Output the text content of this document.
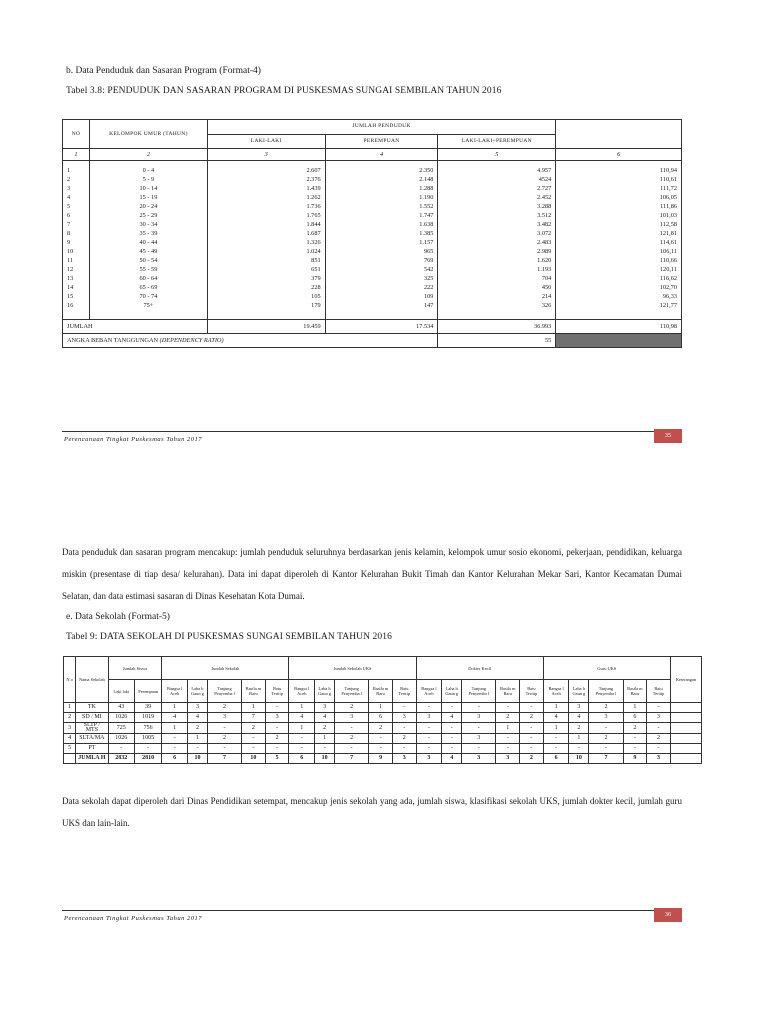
b. Data Penduduk dan Sasaran Program (Format-4)
Tabel 3.8: PENDUDUK DAN SASARAN PROGRAM DI PUSKESMAS SUNGAI SEMBILAN TAHUN 2016
NO	KELOMPOK UMUR (TAHUN)	JUMLAH PENDUDUK			
		LAKI-LAKI	PEREMPUAN	LAKI-LAKI+PEREMPUAN	
1	2	3	4	5	6
1	0 - 4	2.607	2.350	4.957	110,94
2	5 - 9	2.376	2.148	4524	110,61
3	10 - 14	1.439	1.288	2.727	111,72
4	15 - 19	1.262	1.190	2.452	106,05
5	20 - 24	1.736	1.552	3.288	111,86
6	25 - 29	1.765	1.747	3.512	101,03
7	30 - 34	1.844	1.638	3.482	112,58
8	35 - 39	1.687	1.385	3.072	121,81
9	40 - 44	1.326	1.157	2.483	114,61
10	45 - 49	1.024	965	2.989	106,11
11	50 - 54	851	769	1.620	110,66
12	55 - 59	651	542	1.193	120,11
13	60 - 64	379	325	704	116,62
14	65 - 69	228	222	450	102,70
15	70 - 74	105	109	214	96,33
16	75+	179	147	326	121,77

JUMLAH		19.459	17.534	36.993	110,98
ANGKA BEBAN TANGGUNGAN (DEPENDENCY RATIO)				55	
Perencanaan Tingkat Puskesmas Tahun 2017
35
Data penduduk dan sasaran program mencakup: jumlah penduduk seluruhnya berdasarkan jenis kelamin, kelompok umur sosio ekonomi, pekerjaan, pendidikan, keluarga miskin (presentase di tiap desa/ kelurahan). Data ini dapat diperoleh di Kantor Kelurahan Bukit Timah dan Kantor Kelurahan Mekar Sari, Kantor Kecamatan Dumai Selatan, dan data estimasi sasaran di Dinas Kesehatan Kota Dumai.
e. Data Sekolah (Format-5)
Tabel 9: DATA SEKOLAH DI PUSKESMAS SUNGAI SEMBILAN TAHUN 2016
N o	Nama Sekolah	Jumlah Siswa		Jumlah Sekolah					Jumlah Sekolah UKS					Dokter Kecil					Guru UKS					Keterangan
		Laki laki	Perempuan	Bangsa l Aceh	Laba h Gaun g	Tanjung Penyemba l	Basila m Baru	Batu Teritip	Bangsa l Aceh	Laba h Gaun g	Tanjung Penyemba l	Basila m Baru	Batu Teritip	Bangsa l Aceh	Laba h Gaun g	Tanjung Penyemba l	Basila m Baru	Batu Teritip	Bangsa l Aceh	Laba h Gaun g	Tanjung Penyemba l	Basila m Baru	Batu Teritip	
1	TK	43	39	1	3	2	1	-	1	3	2	1	–	-	-	-	-	-	1	3	2	1	–	
2	SD / MI	1026	1019	4	4	3	7	3	4	4	3	6	3	3	4	3	2	2	4	4	3	6	3	
3	SLTP / MTS	725	756	1	2	-	2	-	1	2	-	2	-	-	-	-	1	-	1	2	-	2	-	
4	SLTA/MA	1026	1005	-	1	2	-	2	-	1	2	-	2	-	-	3	-	-	-	1	2	-	2	
5	PT	-	-	-	-	-	-	-	-	-	-	-	-	-	-	-	-	-	-	-	-	-	-	
	JUMLA H	2832	2810	6	10	7	10	5	6	10	7	9	3	3	4	3	3	2	6	10	7	9	3	
Data sekolah dapat diperoleh dari Dinas Pendidikan setempat, mencakup jenis sekolah yang ada, jumlah siswa, klasifikasi sekolah UKS, jumlah dokter kecil, jumlah guru UKS dan lain-lain.
Perencanaan Tingkat Puskesmas Tahun 2017
36
